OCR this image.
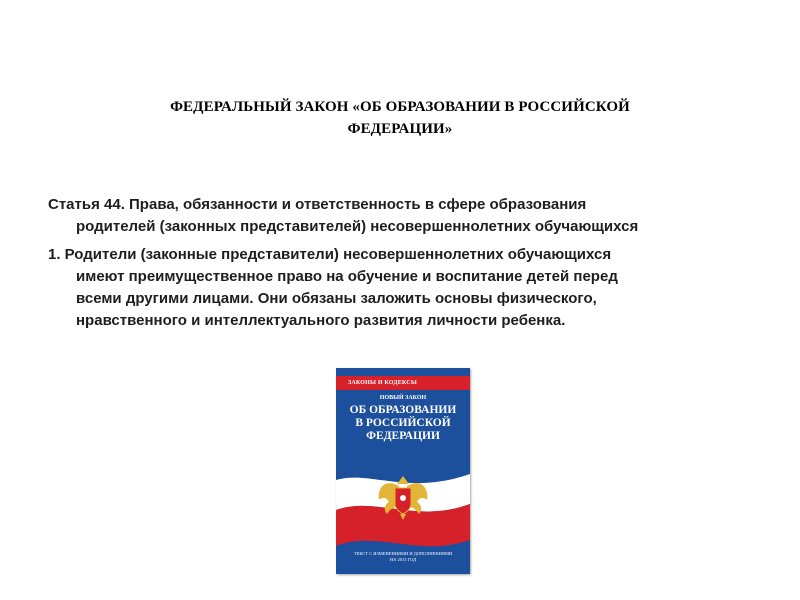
ФЕДЕРАЛЬНЫЙ ЗАКОН «ОБ ОБРАЗОВАНИИ В РОССИЙСКОЙ
ФЕДЕРАЦИИ»
Статья 44. Права, обязанности и ответственность в сфере образования
родителей (законных представителей) несовершеннолетних обучающихся
1. Родители (законные представители) несовершеннолетних обучающихся
имеют преимущественное право на обучение и воспитание детей перед
всеми другими лицами. Они обязаны заложить основы физического,
нравственного и интеллектуального развития личности ребенка.
ЗАКОНЫ И КОДЕКСЫ
НОВЫЙ ЗАКОН
ОБ ОБРАЗОВАНИИ
В РОССИЙСКОЙ
ФЕДЕРАЦИИ
ТЕКСТ С ИЗМЕНЕНИЯМИ И ДОПОЛНЕНИЯМИ
НА 2015 ГОД
